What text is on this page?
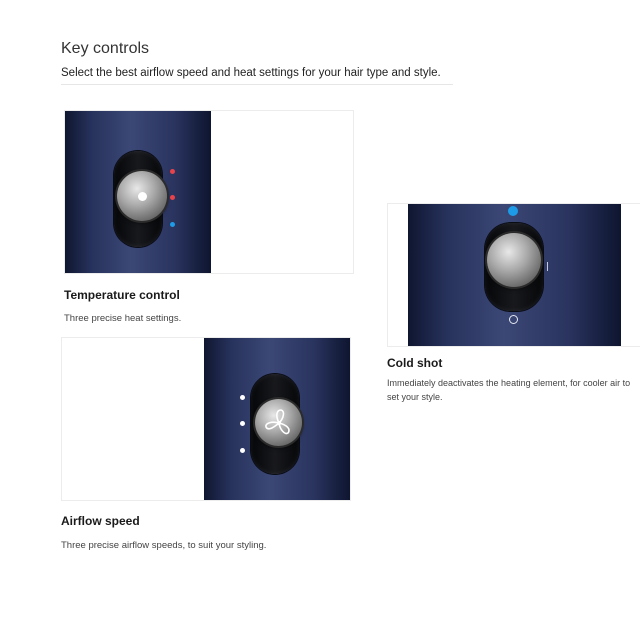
Key controls

Select the best airflow speed and heat settings for your hair type and style.

Temperature control

Three precise heat settings.

Airflow speed

Three precise airflow speeds, to suit your styling.

Cold shot

Immediately deactivates the heating element, for cooler air to set your style.
